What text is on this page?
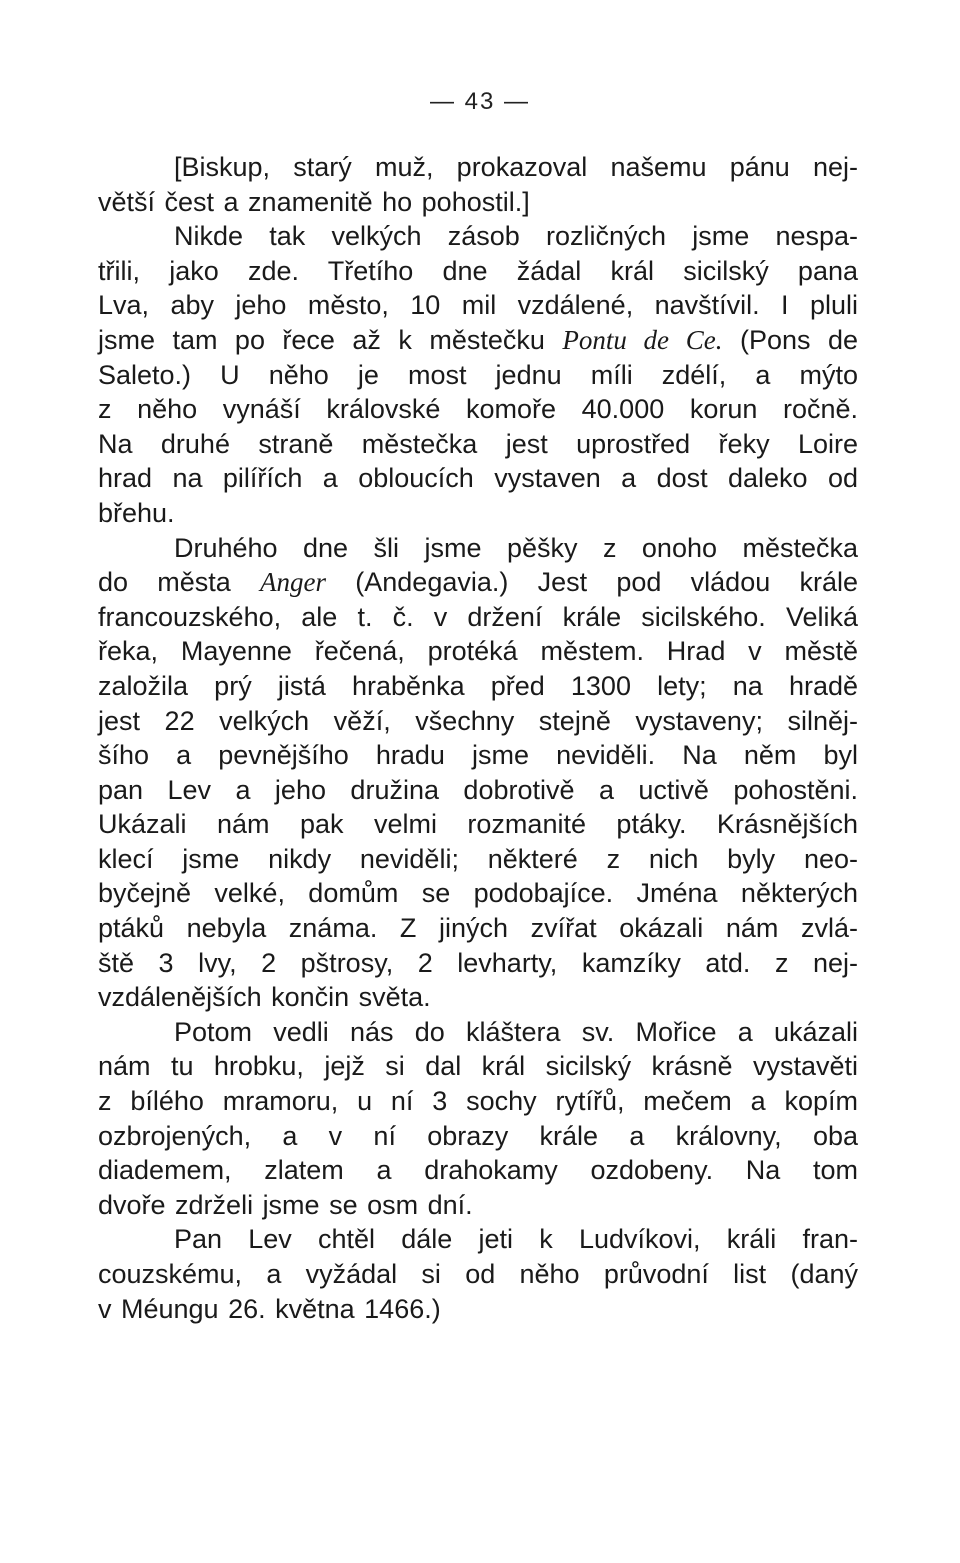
— 43 —
[Biskup, starý muž, prokazoval našemu pánu nej-
větší čest a znamenitě ho pohostil.]
Nikde tak velkých zásob rozličných jsme nespa-
třili, jako zde. Třetího dne žádal král sicilský pana
Lva, aby jeho město, 10 mil vzdálené, navštívil. I pluli
jsme tam po řece až k městečku Pontu de Ce. (Pons de
Saleto.) U něho je most jednu míli zdélí, a mýto
z něho vynáší královské komoře 40.000 korun ročně.
Na druhé straně městečka jest uprostřed řeky Loire
hrad na pilířích a obloucích vystaven a dost daleko od
břehu.
Druhého dne šli jsme pěšky z onoho městečka
do města Anger (Andegavia.) Jest pod vládou krále
francouzského, ale t. č. v držení krále sicilského. Veliká
řeka, Mayenne řečená, protéká městem. Hrad v městě
založila prý jistá hraběnka před 1300 lety; na hradě
jest 22 velkých věží, všechny stejně vystaveny; silněj-
šího a pevnějšího hradu jsme neviděli. Na něm byl
pan Lev a jeho družina dobrotivě a uctivě pohostěni.
Ukázali nám pak velmi rozmanité ptáky. Krásnějších
klecí jsme nikdy neviděli; některé z nich byly neo-
byčejně velké, domům se podobajíce. Jména některých
ptáků nebyla známa. Z jiných zvířat okázali nám zvlá-
ště 3 lvy, 2 pštrosy, 2 levharty, kamzíky atd. z nej-
vzdálenějších končin světa.
Potom vedli nás do kláštera sv. Mořice a ukázali
nám tu hrobku, jejž si dal král sicilský krásně vystavěti
z bílého mramoru, u ní 3 sochy rytířů, mečem a kopím
ozbrojených, a v ní obrazy krále a královny, oba
diademem, zlatem a drahokamy ozdobeny. Na tom
dvoře zdrželi jsme se osm dní.
Pan Lev chtěl dále jeti k Ludvíkovi, králi fran-
couzskému, a vyžádal si od něho průvodní list (daný
v Méungu 26. května 1466.)
